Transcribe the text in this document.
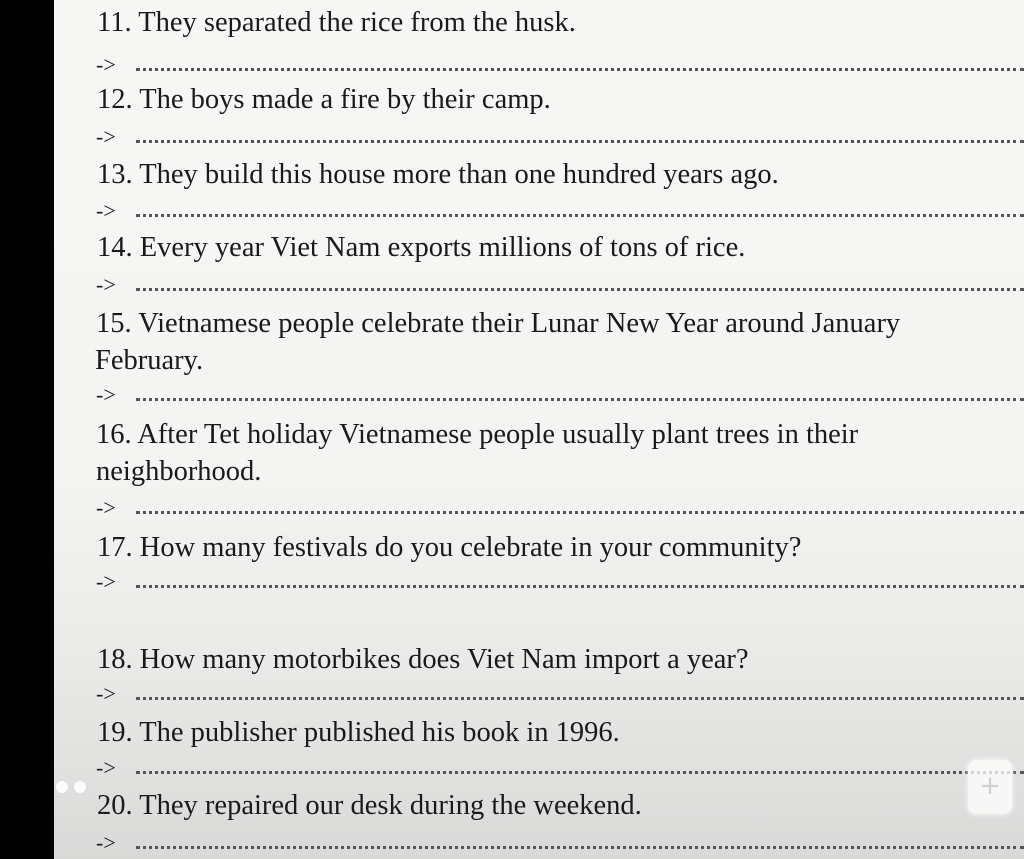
11. They separated the rice from the husk.

->

12. The boys made a fire by their camp.

->

13. They build this house more than one hundred years ago.

->

14. Every year Viet Nam exports millions of tons of rice.

->

15. Vietnamese people celebrate their Lunar New Year around January
February.

->

16. After Tet holiday Vietnamese people usually plant trees in their
neighborhood.

->

17. How many festivals do you celebrate in your community?

->

18. How many motorbikes does Viet Nam import a year?

->

19. The publisher published his book in 1996.

->

20. They repaired our desk during the weekend.

->
+
